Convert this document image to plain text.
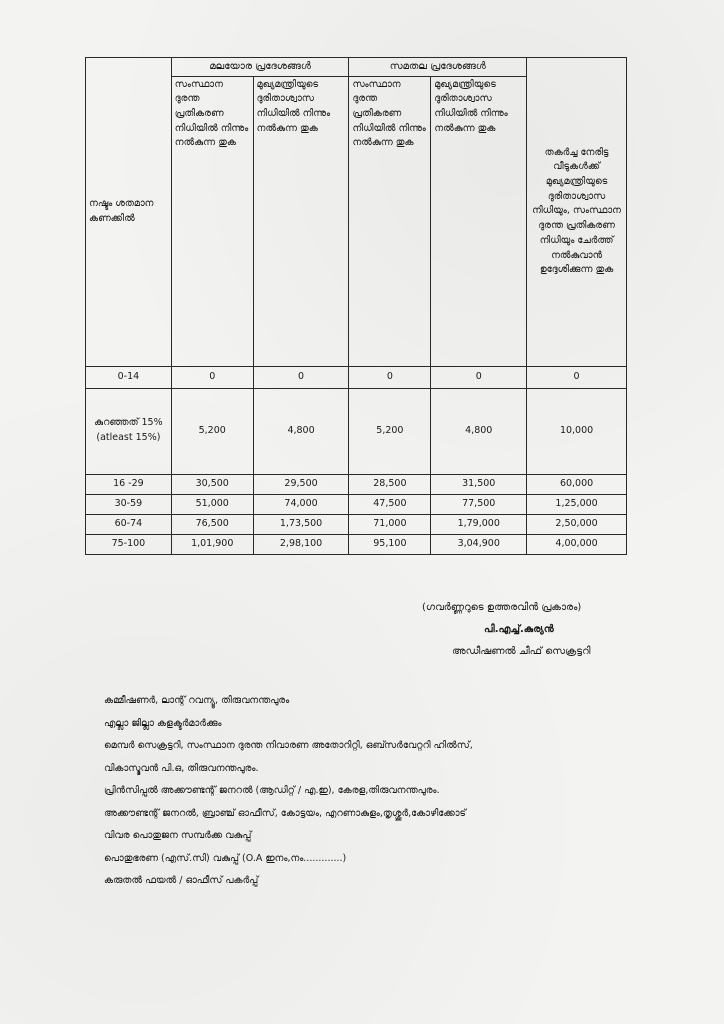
നഷ്ടം ശതമാന കണക്കിൽ	മലയോര പ്രദേശങ്ങൾ		സമതല പ്രദേശങ്ങൾ		തകർച്ച നേരിട്ട വീടുകൾക്ക് മുഖ്യമന്ത്രിയുടെ ദുരിതാശ്വാസ നിധിയും, സംസ്ഥാന ദുരന്ത പ്രതികരണ നിധിയും ചേർത്ത് നൽകുവാൻ ഉദ്ദേശിക്കുന്ന തുക
	സംസ്ഥാന ദുരന്ത പ്രതികരണ നിധിയിൽ നിന്നും നൽകുന്ന തുക	മുഖ്യമന്ത്രിയുടെ ദുരിതാശ്വാസ നിധിയിൽ നിന്നും നൽകുന്ന തുക	സംസ്ഥാന ദുരന്ത പ്രതികരണ നിധിയിൽ നിന്നും നൽകുന്ന തുക	മുഖ്യമന്ത്രിയുടെ ദുരിതാശ്വാസ നിധിയിൽ നിന്നും നൽകുന്ന തുക	
0-14	0	0	0	0	0
കുറഞ്ഞത് 15% (atleast 15%)	5,200	4,800	5,200	4,800	10,000
16 -29	30,500	29,500	28,500	31,500	60,000
30-59	51,000	74,000	47,500	77,500	1,25,000
60-74	76,500	1,73,500	71,000	1,79,000	2,50,000
75-100	1,01,900	2,98,100	95,100	3,04,900	4,00,000
(ഗവർണ്ണറുടെ ഉത്തരവിൻ പ്രകാരം)
പി.എച്ച്.കുര്യൻ
അഡീഷണൽ ചീഫ് സെക്രട്ടറി
കമ്മീഷണർ, ലാന്റ് റവന്യൂ, തിരുവനന്തപുരം
എല്ലാ ജില്ലാ കളക്ടർമാർക്കും
മെമ്പർ സെക്രട്ടറി, സംസ്ഥാന ദുരന്ത നിവാരണ അതോറിറ്റി, ഒബ്സർവേറ്ററി ഹിൽസ്,
വികാസ്ഭവൻ പി.ഒ, തിരുവനന്തപുരം.
പ്രിൻസിപ്പൽ അക്കൗണ്ടന്റ് ജനറൽ (ആഡിറ്റ് / എ.ഇ), കേരള,തിരുവനന്തപുരം.
അക്കൗണ്ടന്റ് ജനറൽ, ബ്രാഞ്ച് ഓഫീസ്, കോട്ടയം, എറണാകുളം,തൃശ്ശൂർ,കോഴിക്കോട്
വിവര പൊതുജന സമ്പർക്ക വകുപ്പ്
പൊതുഭരണ (എസ്.സി) വകുപ്പ് (O.A ഇനം,നം.............)
കരുതൽ ഫയൽ / ഓഫീസ് പകർപ്പ്
